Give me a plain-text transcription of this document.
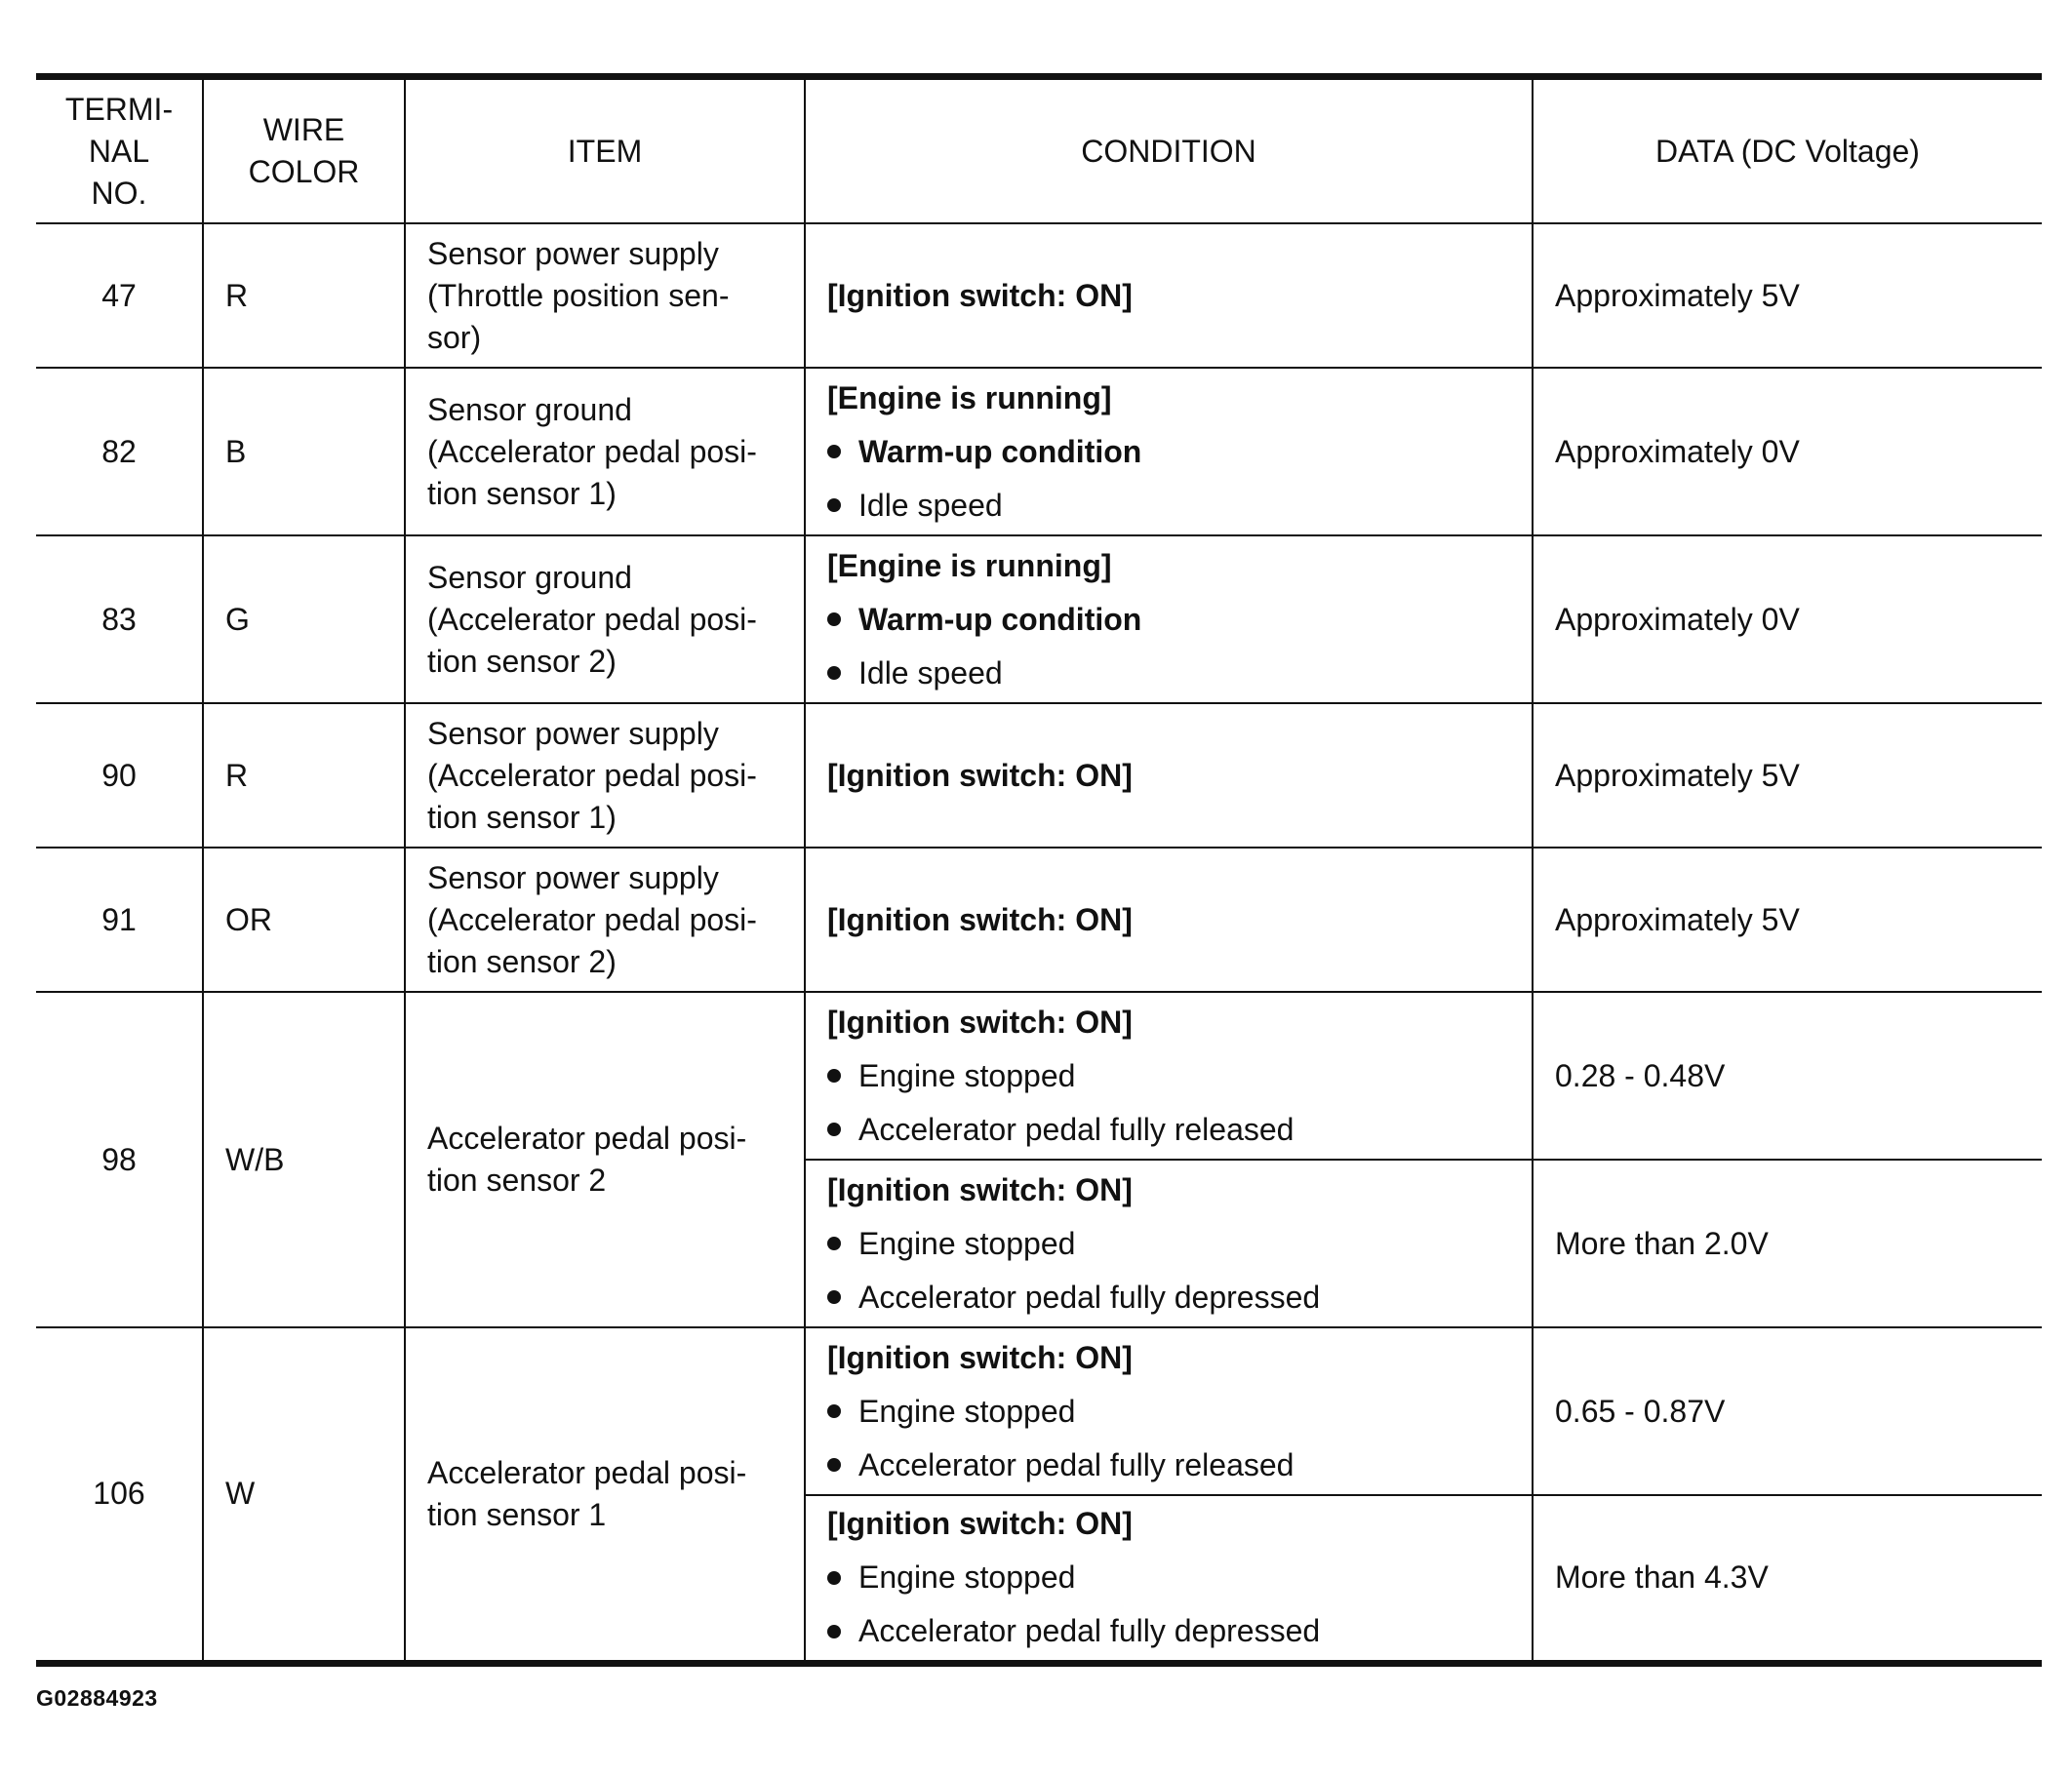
TERMI-
NAL
NO.	WIRE
COLOR	ITEM	CONDITION	DATA (DC Voltage)
47	R	Sensor power supply
(Throttle position sen-
sor)	[Ignition switch: ON]	Approximately 5V
82	B	Sensor ground
(Accelerator pedal posi-
tion sensor 1)	[Engine is running]
Warm-up condition
Idle speed	Approximately 0V
83	G	Sensor ground
(Accelerator pedal posi-
tion sensor 2)	[Engine is running]
Warm-up condition
Idle speed	Approximately 0V
90	R	Sensor power supply
(Accelerator pedal posi-
tion sensor 1)	[Ignition switch: ON]	Approximately 5V
91	OR	Sensor power supply
(Accelerator pedal posi-
tion sensor 2)	[Ignition switch: ON]	Approximately 5V
98	W/B	Accelerator pedal posi-
tion sensor 2	[Ignition switch: ON]
Engine stopped
Accelerator pedal fully released	0.28 - 0.48V

			[Ignition switch: ON]
Engine stopped
Accelerator pedal fully depressed	More than 2.0V
106	W	Accelerator pedal posi-
tion sensor 1	[Ignition switch: ON]
Engine stopped
Accelerator pedal fully released	0.65 - 0.87V

			[Ignition switch: ON]
Engine stopped
Accelerator pedal fully depressed	More than 4.3V
G02884923
